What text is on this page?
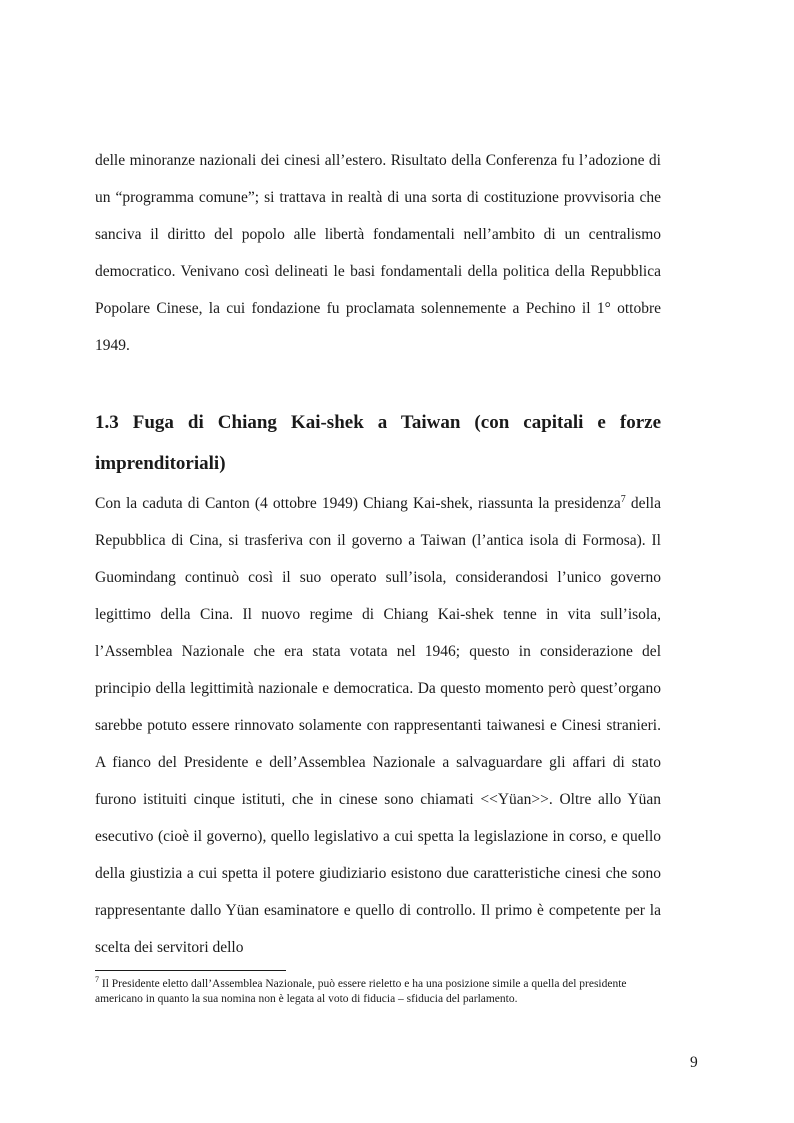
delle minoranze nazionali dei cinesi all’estero. Risultato della Conferenza fu l’adozione di un “programma comune”; si trattava in realtà di una sorta di costituzione provvisoria che sanciva il diritto del popolo alle libertà fondamentali nell’ambito di un centralismo democratico. Venivano così delineati le basi fondamentali della politica della Repubblica Popolare Cinese, la cui fondazione fu proclamata solennemente a Pechino il 1° ottobre 1949.

1.3 Fuga di Chiang Kai-shek a Taiwan (con capitali e forze imprenditoriali)

Con la caduta di Canton (4 ottobre 1949) Chiang Kai-shek, riassunta la presidenza$^7$ della Repubblica di Cina, si trasferiva con il governo a Taiwan (l’antica isola di Formosa). Il Guomindang continuò così il suo operato sull’isola, considerandosi l’unico governo legittimo della Cina. Il nuovo regime di Chiang Kai-shek tenne in vita sull’isola, l’Assemblea Nazionale che era stata votata nel 1946; questo in considerazione del principio della legittimità nazionale e democratica. Da questo momento però quest’organo sarebbe potuto essere rinnovato solamente con rappresentanti taiwanesi e Cinesi stranieri. A fianco del Presidente e dell’Assemblea Nazionale a salvaguardare gli affari di stato furono istituiti cinque istituti, che in cinese sono chiamati <<Yüan>>. Oltre allo Yüan esecutivo (cioè il governo), quello legislativo a cui spetta la legislazione in corso, e quello della giustizia a cui spetta il potere giudiziario esistono due caratteristiche cinesi che sono rappresentante dallo Yüan esaminatore e quello di controllo. Il primo è competente per la scelta dei servitori dello

$^7$ Il Presidente eletto dall’Assemblea Nazionale, può essere rieletto e ha una posizione simile a quella del presidente americano in quanto la sua nomina non è legata al voto di fiducia – sfiducia del parlamento.
9
